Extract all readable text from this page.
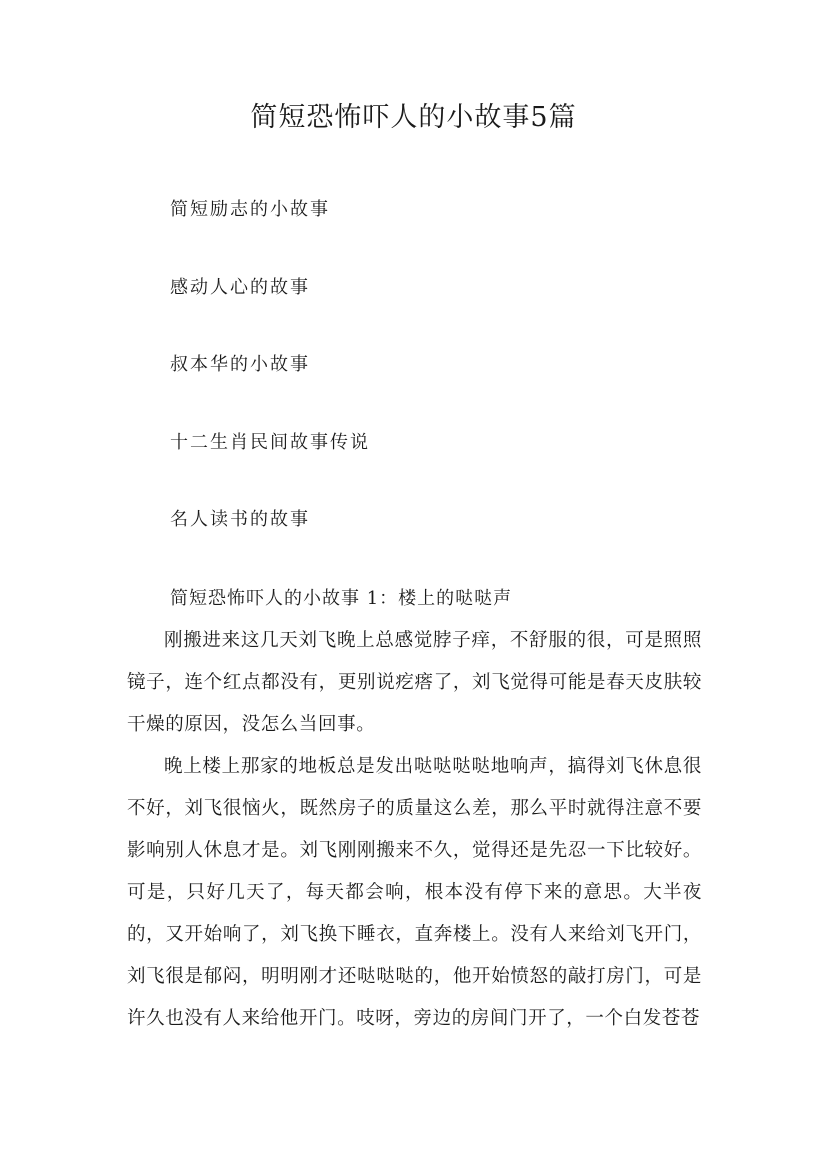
简短恐怖吓人的小故事5篇
简短励志的小故事
感动人心的故事
叔本华的小故事
十二生肖民间故事传说
名人读书的故事
简短恐怖吓人的小故事 1：楼上的哒哒声

刚搬进来这几天刘飞晚上总感觉脖子痒，不舒服的很，可是照照镜子，连个红点都没有，更别说疙瘩了，刘飞觉得可能是春天皮肤较干燥的原因，没怎么当回事。

晚上楼上那家的地板总是发出哒哒哒哒地响声，搞得刘飞休息很不好，刘飞很恼火，既然房子的质量这么差，那么平时就得注意不要影响别人休息才是。刘飞刚刚搬来不久，觉得还是先忍一下比较好。可是，只好几天了，每天都会响，根本没有停下来的意思。大半夜的，又开始响了，刘飞换下睡衣，直奔楼上。没有人来给刘飞开门，刘飞很是郁闷，明明刚才还哒哒哒的，他开始愤怒的敲打房门，可是许久也没有人来给他开门。吱呀，旁边的房间门开了，一个白发苍苍
